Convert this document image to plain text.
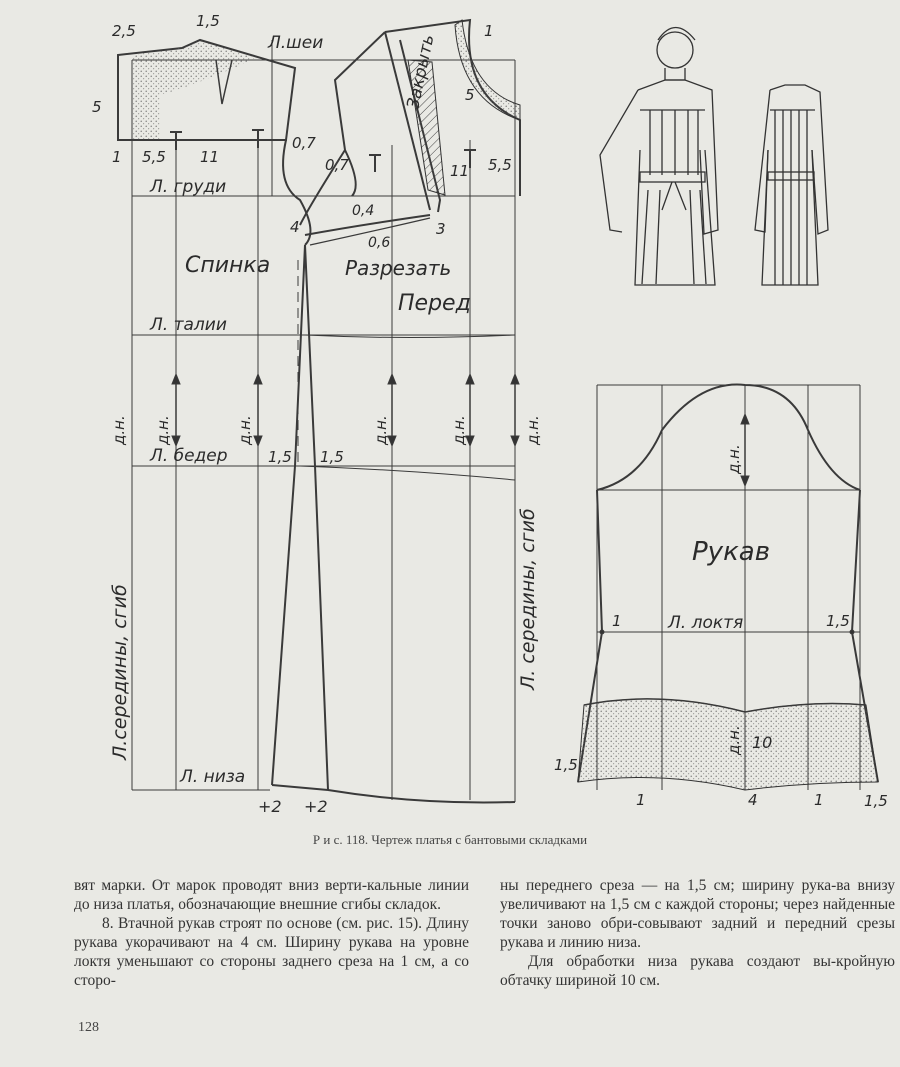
Л.шеи
Л. груди
Л. талии
Л. бедер
Л. низа
Спинка
Перед
Разрезать
Закрыть
Л.середины, сгиб	Л. середины, сгиб
д.н. д.н.	д.н.	д.н.	д.н.	д.н.
2,5
1,5
5
1 5,5 11
0,7
0,7
0,4
0,6
11 5,5
1
5
3
4
1,5 1,5
+2 +2
Рукав
Л. локтя
д.н.
д.н.
1	1,5
10
1,5
1,5
1	4	1
Р и с. 118. Чертеж платья с бантовыми складками

вят марки. От марок проводят вниз верти-кальные линии до низа платья, обозначающие внешние сгибы складок.

8. Втачной рукав строят по основе (см. рис. 15). Длину рукава укорачивают на 4 см. Ширину рукава на уровне локтя уменьшают со стороны заднего среза на 1 см, а со сторо-

ны переднего среза — на 1,5 см; ширину рука-ва внизу увеличивают на 1,5 см с каждой стороны; через найденные точки заново обри-совывают задний и передний срезы рукава и линию низа.

Для обработки низа рукава создают вы-кройную обтачку шириной 10 см.

128
